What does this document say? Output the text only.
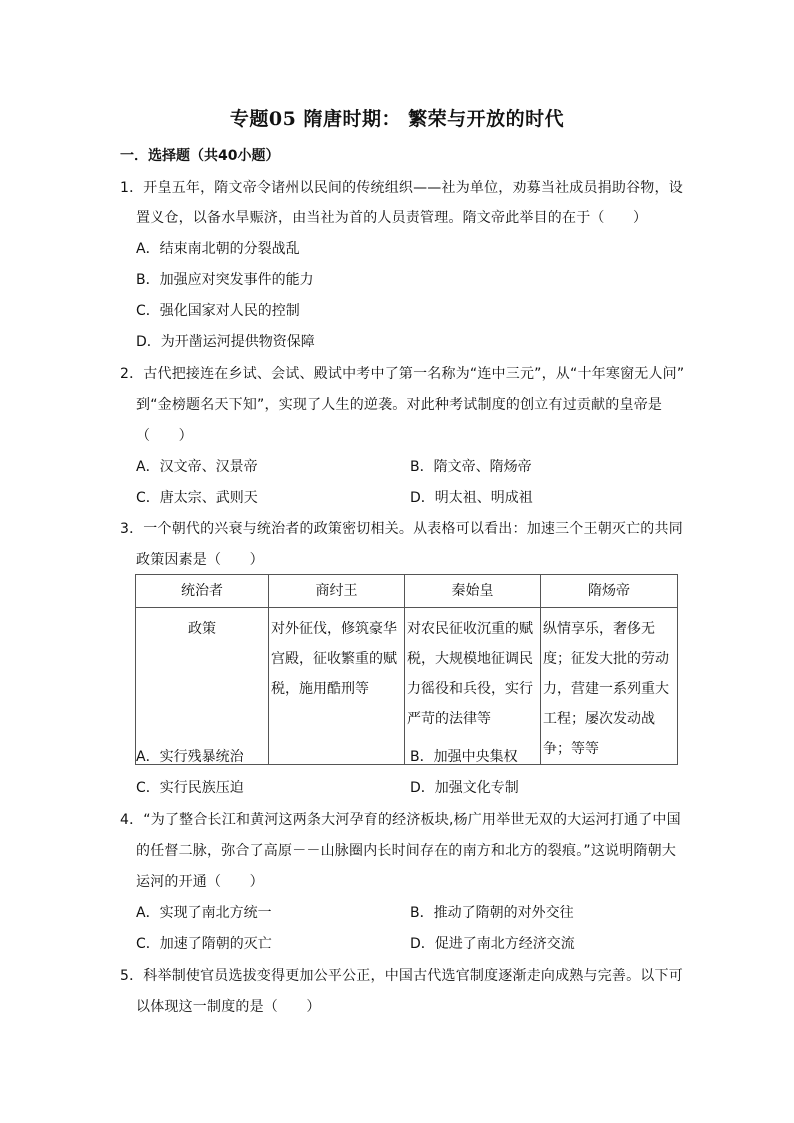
专题05 隋唐时期： 繁荣与开放的时代
一．选择题（共40小题）
1．开皇五年，隋文帝令诸州以民间的传统组织——社为单位，劝募当社成员捐助谷物，设
置义仓，以备水旱赈济，由当社为首的人员责管理。隋文帝此举目的在于（　　）
A．结束南北朝的分裂战乱
B．加强应对突发事件的能力
C．强化国家对人民的控制
D．为开凿运河提供物资保障
2．古代把接连在乡试、会试、殿试中考中了第一名称为“连中三元”，从“十年寒窗无人问”
到“金榜题名天下知”，实现了人生的逆袭。对此种考试制度的创立有过贡献的皇帝是
（　　）
A．汉文帝、汉景帝	B．隋文帝、隋炀帝
C．唐太宗、武则天	D．明太祖、明成祖
3．一个朝代的兴衰与统治者的政策密切相关。从表格可以看出：加速三个王朝灭亡的共同
政策因素是（　　）
统治者	商纣王	秦始皇	隋炀帝
政策	对外征伐，修筑豪华宫殿，征收繁重的赋税，施用酷刑等	对农民征收沉重的赋税，大规模地征调民力徭役和兵役，实行严苛的法律等	纵情享乐，奢侈无度；征发大批的劳动力，营建一系列重大工程；屡次发动战争；等等
A．实行残暴统治	B．加强中央集权
C．实行民族压迫	D．加强文化专制
4．“为了整合长江和黄河这两条大河孕育的经济板块,杨广用举世无双的大运河打通了中国
的任督二脉，弥合了高原－－山脉圈内长时间存在的南方和北方的裂痕。”这说明隋朝大
运河的开通（　　）
A．实现了南北方统一	B．推动了隋朝的对外交往
C．加速了隋朝的灭亡	D．促进了南北方经济交流
5．科举制使官员选拔变得更加公平公正，中国古代选官制度逐渐走向成熟与完善。以下可
以体现这一制度的是（　　）
